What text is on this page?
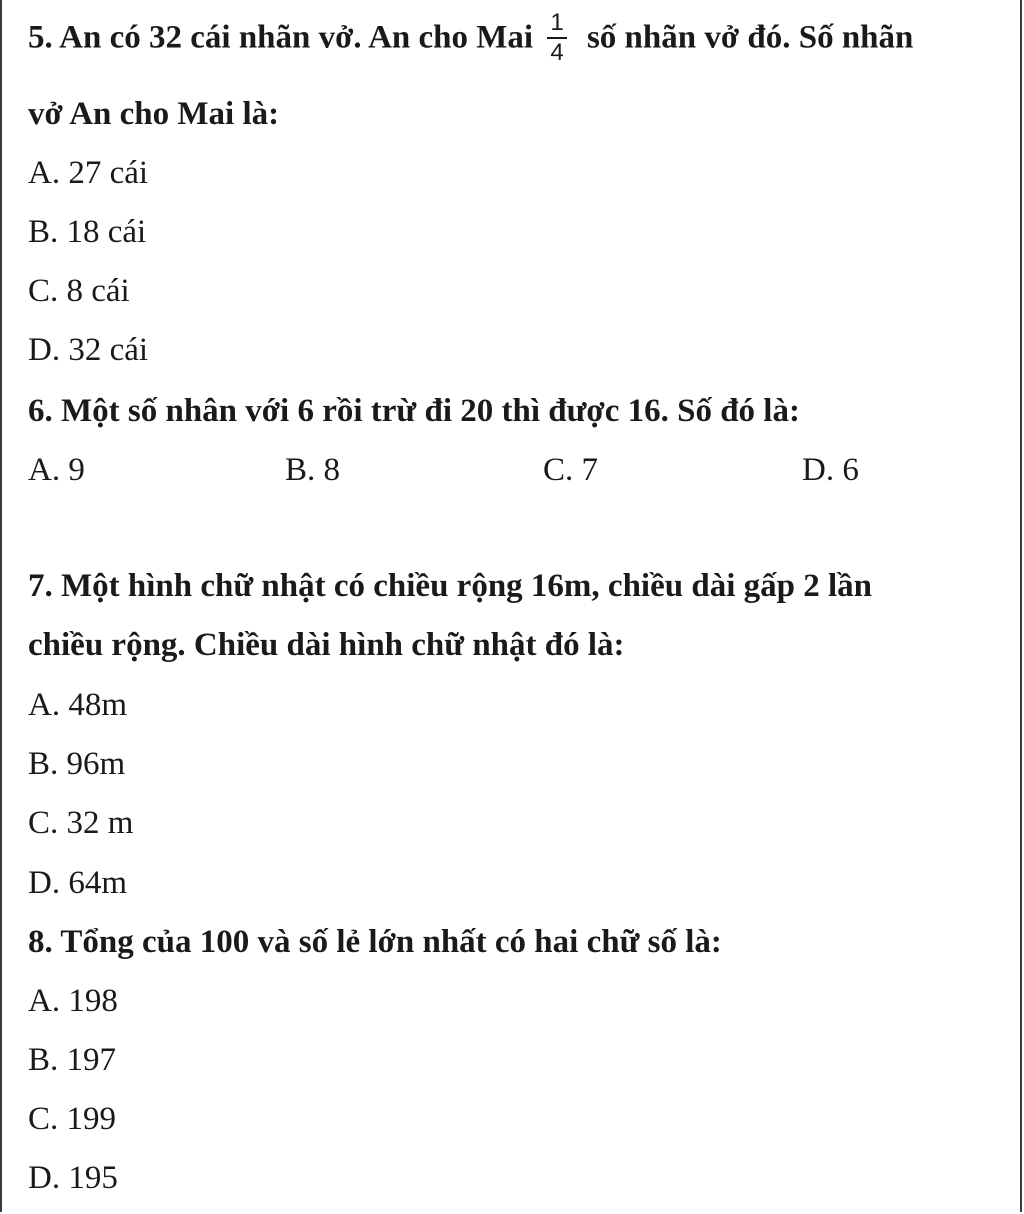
5. An có 32 cái nhãn vở. An cho Mai $\frac{1}{4}$ số nhãn vở đó. Số nhãn
vở An cho Mai là:
A. 27 cái
B. 18 cái
C. 8 cái
D. 32 cái
6. Một số nhân với 6 rồi trừ đi 20 thì được 16. Số đó là:
A. 9	B. 8	C. 7	D. 6
7. Một hình chữ nhật có chiều rộng 16m, chiều dài gấp 2 lần
chiều rộng. Chiều dài hình chữ nhật đó là:
A. 48m
B. 96m
C. 32 m
D. 64m
8. Tổng của 100 và số lẻ lớn nhất có hai chữ số là:
A. 198
B. 197
C. 199
D. 195
